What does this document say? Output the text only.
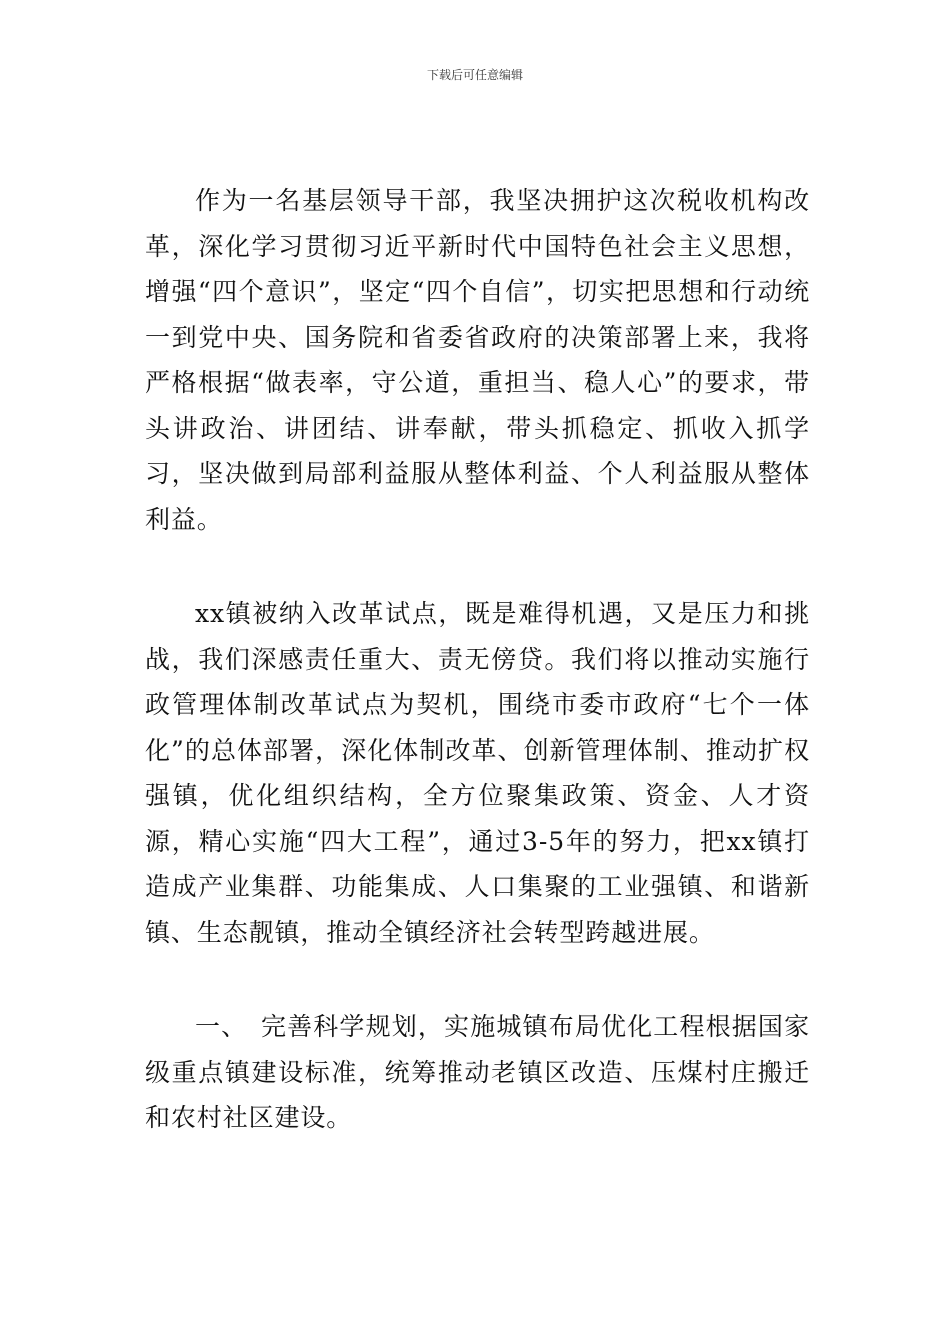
下载后可任意编辑

作为一名基层领导干部，我坚决拥护这次税收机构改革，深化学习贯彻习近平新时代中国特色社会主义思想，增强“四个意识”，坚定“四个自信”，切实把思想和行动统一到党中央、国务院和省委省政府的决策部署上来，我将严格根据“做表率，守公道，重担当、稳人心”的要求，带头讲政治、讲团结、讲奉献，带头抓稳定、抓收入抓学习，坚决做到局部利益服从整体利益、个人利益服从整体利益。

xx镇被纳入改革试点，既是难得机遇，又是压力和挑战，我们深感责任重大、责无傍贷。我们将以推动实施行政管理体制改革试点为契机，围绕市委市政府“七个一体化”的总体部署，深化体制改革、创新管理体制、推动扩权强镇，优化组织结构，全方位聚集政策、资金、人才资源，精心实施“四大工程”，通过3-5年的努力，把xx镇打造成产业集群、功能集成、人口集聚的工业强镇、和谐新镇、生态靓镇，推动全镇经济社会转型跨越进展。

一、　完善科学规划，实施城镇布局优化工程根据国家级重点镇建设标准，统筹推动老镇区改造、压煤村庄搬迁和农村社区建设。
